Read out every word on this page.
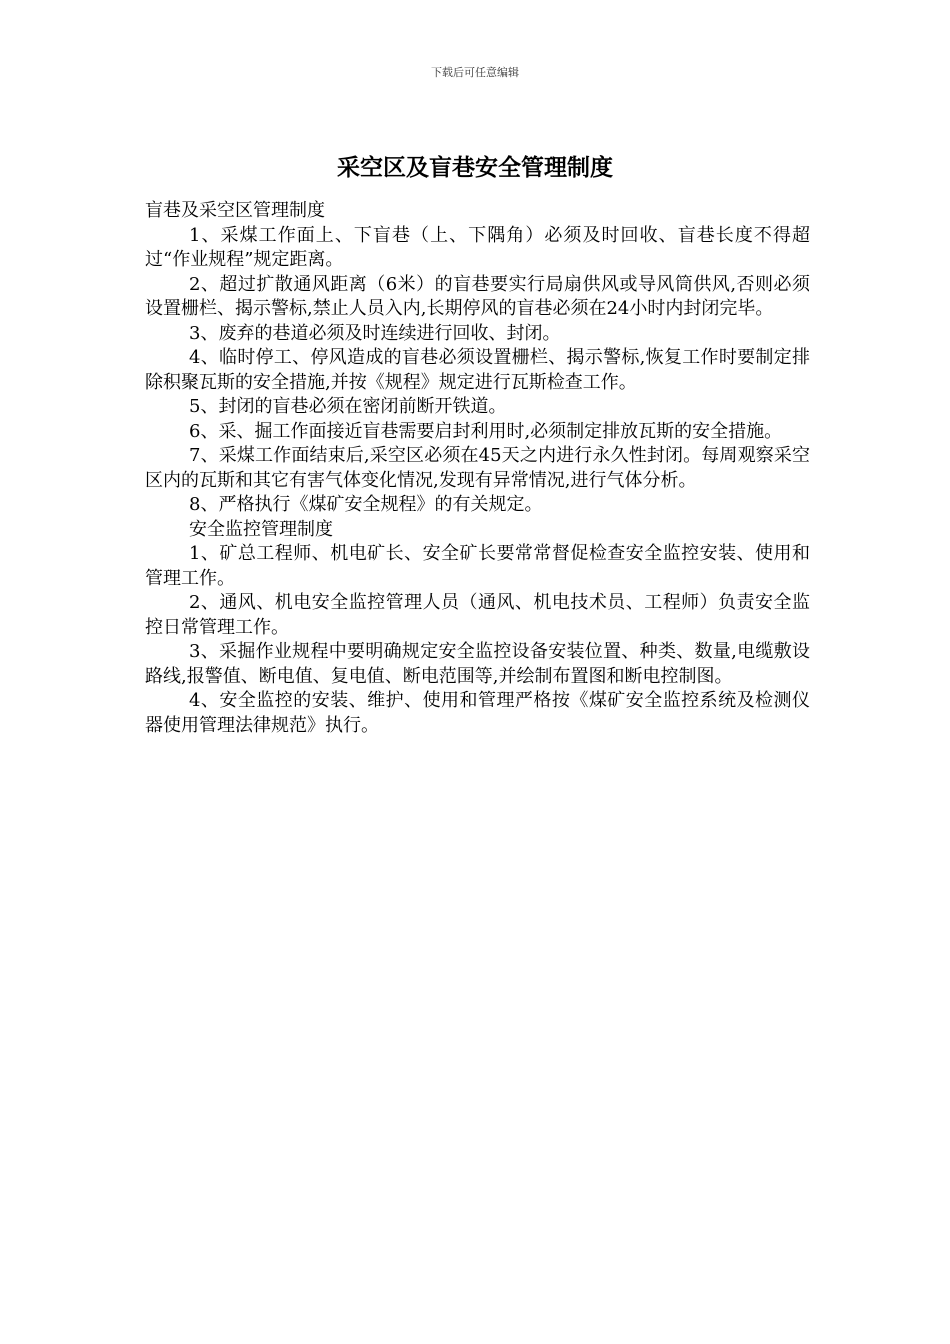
下载后可任意编辑
采空区及盲巷安全管理制度

盲巷及采空区管理制度

1、采煤工作面上、下盲巷（上、下隅角）必须及时回收、盲巷长度不得超过“作业规程”规定距离。

2、超过扩散通风距离（6米）的盲巷要实行局扇供风或导风筒供风,否则必须设置栅栏、揭示警标,禁止人员入内,长期停风的盲巷必须在24小时内封闭完毕。

3、废弃的巷道必须及时连续进行回收、封闭。

4、临时停工、停风造成的盲巷必须设置栅栏、揭示警标,恢复工作时要制定排除积聚瓦斯的安全措施,并按《规程》规定进行瓦斯检查工作。

5、封闭的盲巷必须在密闭前断开铁道。

6、采、掘工作面接近盲巷需要启封利用时,必须制定排放瓦斯的安全措施。

7、采煤工作面结束后,采空区必须在45天之内进行永久性封闭。每周观察采空区内的瓦斯和其它有害气体变化情况,发现有异常情况,进行气体分析。

8、严格执行《煤矿安全规程》的有关规定。

安全监控管理制度

1、矿总工程师、机电矿长、安全矿长要常常督促检查安全监控安装、使用和管理工作。

2、通风、机电安全监控管理人员（通风、机电技术员、工程师）负责安全监控日常管理工作。

3、采掘作业规程中要明确规定安全监控设备安装位置、种类、数量,电缆敷设路线,报警值、断电值、复电值、断电范围等,并绘制布置图和断电控制图。

4、安全监控的安装、维护、使用和管理严格按《煤矿安全监控系统及检测仪器使用管理法律规范》执行。
